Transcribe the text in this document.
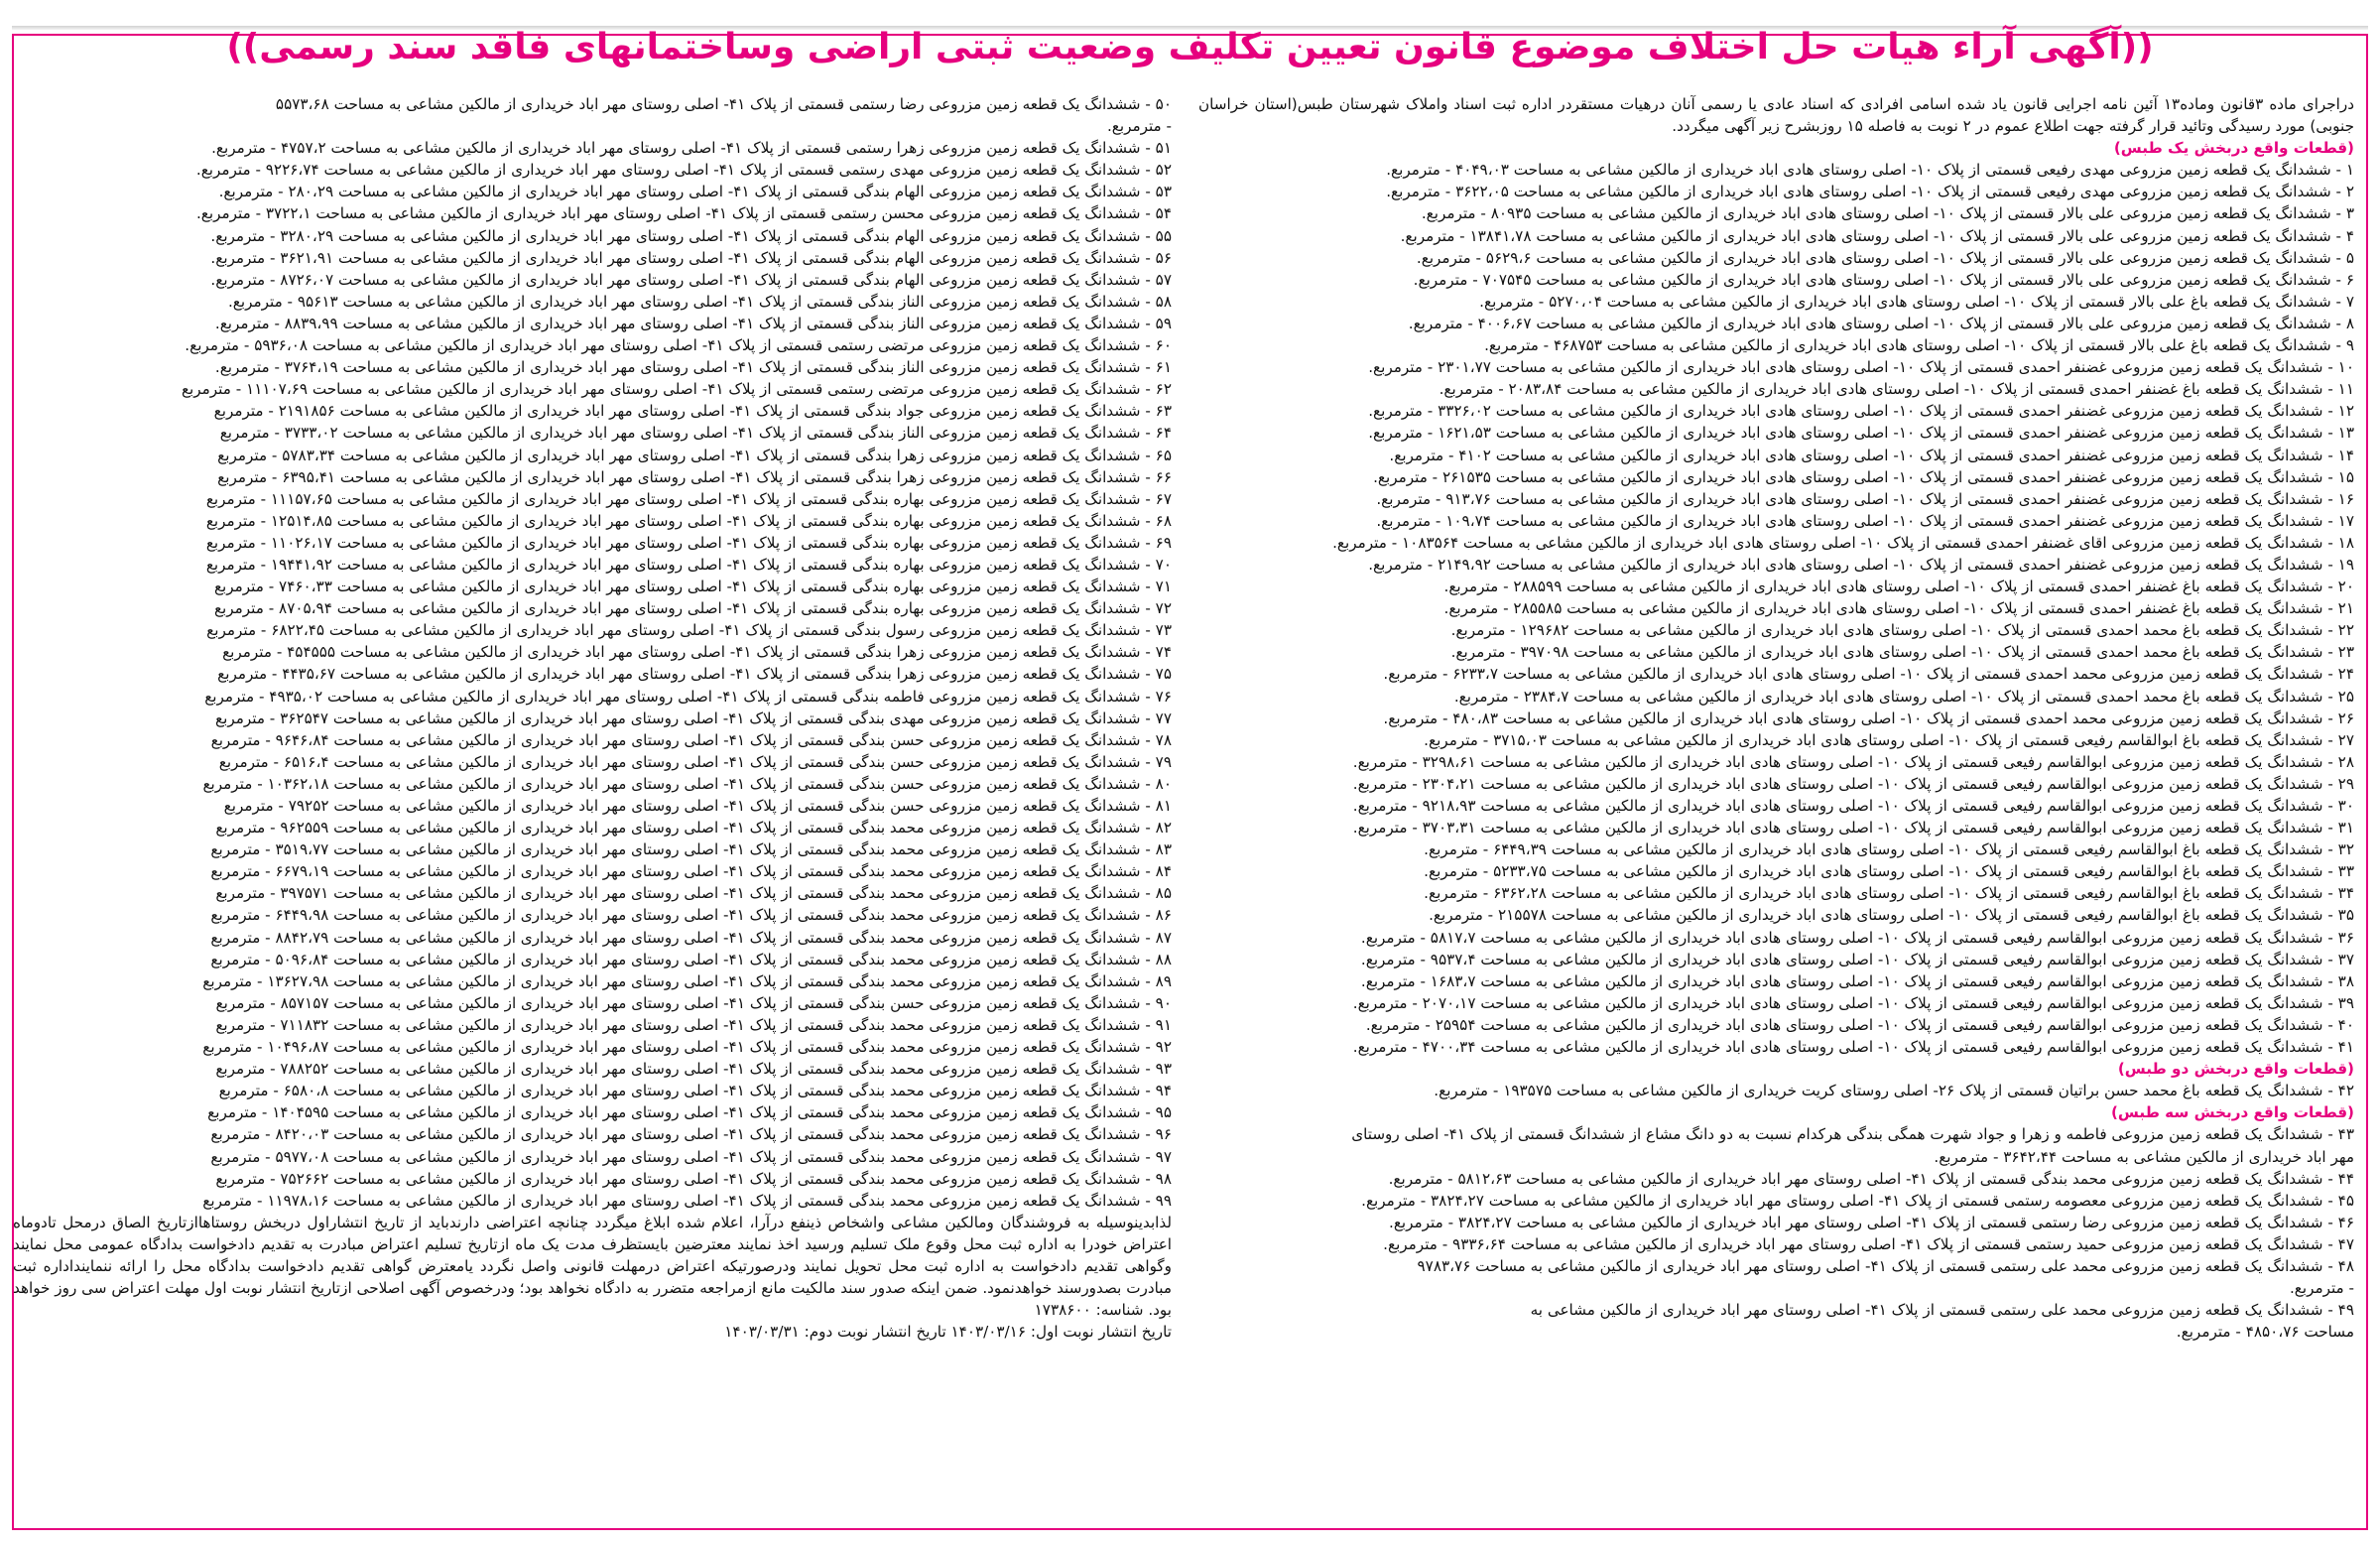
((آگهی آراء هیات حل اختلاف موضوع قانون تعیین تکلیف وضعیت ثبتی اراضی وساختمانهای فاقد سند رسمی))
دراجرای ماده ۳قانون وماده۱۳ آئین نامه اجرایی قانون یاد شده اسامی افرادی که اسناد عادی یا رسمی آنان درهیات مستقردر اداره ثبت اسناد واملاک شهرستان طبس(استان خراسان جنوبی) مورد رسیدگی وتائید قرار گرفته جهت اطلاع عموم در ۲ نوبت به فاصله ۱۵ روزبشرح زیر آگهی میگردد.
(قطعات واقع دربخش یک طبس)
۱ - ششدانگ یک قطعه زمین مزروعی مهدی رفیعی قسمتی از پلاک ۱۰- اصلی روستای هادی اباد خریداری از مالکین مشاعی به مساحت ۴۰۴۹،۰۳ - مترمربع.
۲ - ششدانگ یک قطعه زمین مزروعی مهدی رفیعی قسمتی از پلاک ۱۰- اصلی روستای هادی اباد خریداری از مالکین مشاعی به مساحت ۳۶۲۲،۰۵ - مترمربع.
۳ - ششدانگ یک قطعه زمین مزروعی علی بالار قسمتی از پلاک ۱۰- اصلی روستای هادی اباد خریداری از مالکین مشاعی به مساحت ۸۰۹۳۵ - مترمربع.
۴ - ششدانگ یک قطعه زمین مزروعی علی بالار قسمتی از پلاک ۱۰- اصلی روستای هادی اباد خریداری از مالکین مشاعی به مساحت ۱۳۸۴۱،۷۸ - مترمربع.
۵ - ششدانگ یک قطعه زمین مزروعی علی بالار قسمتی از پلاک ۱۰- اصلی روستای هادی اباد خریداری از مالکین مشاعی به مساحت ۵۶۲۹،۶ - مترمربع.
۶ - ششدانگ یک قطعه زمین مزروعی علی بالار قسمتی از پلاک ۱۰- اصلی روستای هادی اباد خریداری از مالکین مشاعی به مساحت ۷۰۷۵۴۵ - مترمربع.
۷ - ششدانگ یک قطعه باغ علی بالار قسمتی از پلاک ۱۰- اصلی روستای هادی اباد خریداری از مالکین مشاعی به مساحت ۵۲۷۰،۰۴ - مترمربع.
۸ - ششدانگ یک قطعه زمین مزروعی علی بالار قسمتی از پلاک ۱۰- اصلی روستای هادی اباد خریداری از مالکین مشاعی به مساحت ۴۰۰۶،۶۷ - مترمربع.
۹ - ششدانگ یک قطعه باغ علی بالار قسمتی از پلاک ۱۰- اصلی روستای هادی اباد خریداری از مالکین مشاعی به مساحت ۴۶۸۷۵۳ - مترمربع.
۱۰ - ششدانگ یک قطعه زمین مزروعی غضنفر احمدی قسمتی از پلاک ۱۰- اصلی روستای هادی اباد خریداری از مالکین مشاعی به مساحت ۲۳۰۱،۷۷ - مترمربع.
۱۱ - ششدانگ یک قطعه باغ غضنفر احمدی قسمتی از پلاک ۱۰- اصلی روستای هادی اباد خریداری از مالکین مشاعی به مساحت ۲۰۸۳،۸۴ - مترمربع.
۱۲ - ششدانگ یک قطعه زمین مزروعی غضنفر احمدی قسمتی از پلاک ۱۰- اصلی روستای هادی اباد خریداری از مالکین مشاعی به مساحت ۳۳۲۶،۰۲ - مترمربع.
۱۳ - ششدانگ یک قطعه زمین مزروعی غضنفر احمدی قسمتی از پلاک ۱۰- اصلی روستای هادی اباد خریداری از مالکین مشاعی به مساحت ۱۶۲۱،۵۳ - مترمربع.
۱۴ - ششدانگ یک قطعه زمین مزروعی غضنفر احمدی قسمتی از پلاک ۱۰- اصلی روستای هادی اباد خریداری از مالکین مشاعی به مساحت ۴۱۰۲ - مترمربع.
۱۵ - ششدانگ یک قطعه زمین مزروعی غضنفر احمدی قسمتی از پلاک ۱۰- اصلی روستای هادی اباد خریداری از مالکین مشاعی به مساحت ۲۶۱۵۳۵ - مترمربع.
۱۶ - ششدانگ یک قطعه زمین مزروعی غضنفر احمدی قسمتی از پلاک ۱۰- اصلی روستای هادی اباد خریداری از مالکین مشاعی به مساحت ۹۱۳،۷۶ - مترمربع.
۱۷ - ششدانگ یک قطعه زمین مزروعی غضنفر احمدی قسمتی از پلاک ۱۰- اصلی روستای هادی اباد خریداری از مالکین مشاعی به مساحت ۱۰۹،۷۴ - مترمربع.
۱۸ - ششدانگ یک قطعه زمین مزروعی اقای غضنفر احمدی قسمتی از پلاک ۱۰- اصلی روستای هادی اباد خریداری از مالکین مشاعی به مساحت ۱۰۸۳۵۶۴ - مترمربع.
۱۹ - ششدانگ یک قطعه زمین مزروعی غضنفر احمدی قسمتی از پلاک ۱۰- اصلی روستای هادی اباد خریداری از مالکین مشاعی به مساحت ۲۱۴۹،۹۲ - مترمربع.
۲۰ - ششدانگ یک قطعه باغ غضنفر احمدی قسمتی از پلاک ۱۰- اصلی روستای هادی اباد خریداری از مالکین مشاعی به مساحت ۲۸۸۵۹۹ - مترمربع.
۲۱ - ششدانگ یک قطعه باغ غضنفر احمدی قسمتی از پلاک ۱۰- اصلی روستای هادی اباد خریداری از مالکین مشاعی به مساحت ۲۸۵۵۸۵ - مترمربع.
۲۲ - ششدانگ یک قطعه باغ محمد احمدی قسمتی از پلاک ۱۰- اصلی روستای هادی اباد خریداری از مالکین مشاعی به مساحت ۱۲۹۶۸۲ - مترمربع.
۲۳ - ششدانگ یک قطعه باغ محمد احمدی قسمتی از پلاک ۱۰- اصلی روستای هادی اباد خریداری از مالکین مشاعی به مساحت ۳۹۷۰۹۸ - مترمربع.
۲۴ - ششدانگ یک قطعه زمین مزروعی محمد احمدی قسمتی از پلاک ۱۰- اصلی روستای هادی اباد خریداری از مالکین مشاعی به مساحت ۶۲۳۳،۷ - مترمربع.
۲۵ - ششدانگ یک قطعه باغ محمد احمدی قسمتی از پلاک ۱۰- اصلی روستای هادی اباد خریداری از مالکین مشاعی به مساحت ۲۳۸۴،۷ - مترمربع.
۲۶ - ششدانگ یک قطعه زمین مزروعی محمد احمدی قسمتی از پلاک ۱۰- اصلی روستای هادی اباد خریداری از مالکین مشاعی به مساحت ۴۸۰،۸۳ - مترمربع.
۲۷ - ششدانگ یک قطعه باغ ابوالقاسم رفیعی قسمتی از پلاک ۱۰- اصلی روستای هادی اباد خریداری از مالکین مشاعی به مساحت ۳۷۱۵،۰۳ - مترمربع.
۲۸ - ششدانگ یک قطعه زمین مزروعی ابوالقاسم رفیعی قسمتی از پلاک ۱۰- اصلی روستای هادی اباد خریداری از مالکین مشاعی به مساحت ۳۲۹۸،۶۱ - مترمربع.
۲۹ - ششدانگ یک قطعه زمین مزروعی ابوالقاسم رفیعی قسمتی از پلاک ۱۰- اصلی روستای هادی اباد خریداری از مالکین مشاعی به مساحت ۲۳۰۴،۲۱ - مترمربع.
۳۰ - ششدانگ یک قطعه زمین مزروعی ابوالقاسم رفیعی قسمتی از پلاک ۱۰- اصلی روستای هادی اباد خریداری از مالکین مشاعی به مساحت ۹۲۱۸،۹۳ - مترمربع.
۳۱ - ششدانگ یک قطعه زمین مزروعی ابوالقاسم رفیعی قسمتی از پلاک ۱۰- اصلی روستای هادی اباد خریداری از مالکین مشاعی به مساحت ۳۷۰۳،۳۱ - مترمربع.
۳۲ - ششدانگ یک قطعه باغ ابوالقاسم رفیعی قسمتی از پلاک ۱۰- اصلی روستای هادی اباد خریداری از مالکین مشاعی به مساحت ۶۴۴۹،۳۹ - مترمربع.
۳۳ - ششدانگ یک قطعه باغ ابوالقاسم رفیعی قسمتی از پلاک ۱۰- اصلی روستای هادی اباد خریداری از مالکین مشاعی به مساحت ۵۲۳۳،۷۵ - مترمربع.
۳۴ - ششدانگ یک قطعه باغ ابوالقاسم رفیعی قسمتی از پلاک ۱۰- اصلی روستای هادی اباد خریداری از مالکین مشاعی به مساحت ۶۳۶۲،۲۸ - مترمربع.
۳۵ - ششدانگ یک قطعه باغ ابوالقاسم رفیعی قسمتی از پلاک ۱۰- اصلی روستای هادی اباد خریداری از مالکین مشاعی به مساحت ۲۱۵۵۷۸ - مترمربع.
۳۶ - ششدانگ یک قطعه زمین مزروعی ابوالقاسم رفیعی قسمتی از پلاک ۱۰- اصلی روستای هادی اباد خریداری از مالکین مشاعی به مساحت ۵۸۱۷،۷ - مترمربع.
۳۷ - ششدانگ یک قطعه زمین مزروعی ابوالقاسم رفیعی قسمتی از پلاک ۱۰- اصلی روستای هادی اباد خریداری از مالکین مشاعی به مساحت ۹۵۳۷،۴ - مترمربع.
۳۸ - ششدانگ یک قطعه زمین مزروعی ابوالقاسم رفیعی قسمتی از پلاک ۱۰- اصلی روستای هادی اباد خریداری از مالکین مشاعی به مساحت ۱۶۸۳،۷ - مترمربع.
۳۹ - ششدانگ یک قطعه زمین مزروعی ابوالقاسم رفیعی قسمتی از پلاک ۱۰- اصلی روستای هادی اباد خریداری از مالکین مشاعی به مساحت ۲۰۷۰،۱۷ - مترمربع.
۴۰ - ششدانگ یک قطعه زمین مزروعی ابوالقاسم رفیعی قسمتی از پلاک ۱۰- اصلی روستای هادی اباد خریداری از مالکین مشاعی به مساحت ۲۵۹۵۴ - مترمربع.
۴۱ - ششدانگ یک قطعه زمین مزروعی ابوالقاسم رفیعی قسمتی از پلاک ۱۰- اصلی روستای هادی اباد خریداری از مالکین مشاعی به مساحت ۴۷۰۰،۳۴ - مترمربع.
(قطعات واقع دربخش دو طبس)
۴۲ - ششدانگ یک قطعه باغ محمد حسن براتیان قسمتی از پلاک ۲۶- اصلی روستای کریت خریداری از مالکین مشاعی به مساحت ۱۹۳۵۷۵ - مترمربع.
(قطعات واقع دربخش سه طبس)
۴۳ - ششدانگ یک قطعه زمین مزروعی فاطمه و زهرا و جواد شهرت همگی بندگی هرکدام نسبت به دو دانگ مشاع از ششدانگ قسمتی از پلاک ۴۱- اصلی روستای
مهر اباد خریداری از مالکین مشاعی به مساحت ۳۶۴۲،۴۴ - مترمربع.
۴۴ - ششدانگ یک قطعه زمین مزروعی محمد بندگی قسمتی از پلاک ۴۱- اصلی روستای مهر اباد خریداری از مالکین مشاعی به مساحت ۵۸۱۲،۶۳ - مترمربع.
۴۵ - ششدانگ یک قطعه زمین مزروعی معصومه رستمی قسمتی از پلاک ۴۱- اصلی روستای مهر اباد خریداری از مالکین مشاعی به مساحت ۳۸۲۴،۲۷ - مترمربع.
۴۶ - ششدانگ یک قطعه زمین مزروعی رضا رستمی قسمتی از پلاک ۴۱- اصلی روستای مهر اباد خریداری از مالکین مشاعی به مساحت ۳۸۲۴،۲۷ - مترمربع.
۴۷ - ششدانگ یک قطعه زمین مزروعی حمید رستمی قسمتی از پلاک ۴۱- اصلی روستای مهر اباد خریداری از مالکین مشاعی به مساحت ۹۳۳۶،۶۴ - مترمربع.
۴۸ - ششدانگ یک قطعه زمین مزروعی محمد علی رستمی قسمتی از پلاک ۴۱- اصلی روستای مهر اباد خریداری از مالکین مشاعی به مساحت ۹۷۸۳،۷۶
- مترمربع.
۴۹ - ششدانگ یک قطعه زمین مزروعی محمد علی رستمی قسمتی از پلاک ۴۱- اصلی روستای مهر اباد خریداری از مالکین مشاعی به
مساحت ۴۸۵۰،۷۶ - مترمربع.
۵۰ - ششدانگ یک قطعه زمین مزروعی رضا رستمی قسمتی از پلاک ۴۱- اصلی روستای مهر اباد خریداری از مالکین مشاعی به مساحت ۵۵۷۳،۶۸
- مترمربع.
۵۱ - ششدانگ یک قطعه زمین مزروعی زهرا رستمی قسمتی از پلاک ۴۱- اصلی روستای مهر اباد خریداری از مالکین مشاعی به مساحت ۴۷۵۷،۲ - مترمربع.
۵۲ - ششدانگ یک قطعه زمین مزروعی مهدی رستمی قسمتی از پلاک ۴۱- اصلی روستای مهر اباد خریداری از مالکین مشاعی به مساحت ۹۲۲۶،۷۴ - مترمربع.
۵۳ - ششدانگ یک قطعه زمین مزروعی الهام بندگی قسمتی از پلاک ۴۱- اصلی روستای مهر اباد خریداری از مالکین مشاعی به مساحت ۲۸۰،۲۹ - مترمربع.
۵۴ - ششدانگ یک قطعه زمین مزروعی محسن رستمی قسمتی از پلاک ۴۱- اصلی روستای مهر اباد خریداری از مالکین مشاعی به مساحت ۳۷۲۲،۱ - مترمربع.
۵۵ - ششدانگ یک قطعه زمین مزروعی الهام بندگی قسمتی از پلاک ۴۱- اصلی روستای مهر اباد خریداری از مالکین مشاعی به مساحت ۳۲۸۰،۲۹ - مترمربع.
۵۶ - ششدانگ یک قطعه زمین مزروعی الهام بندگی قسمتی از پلاک ۴۱- اصلی روستای مهر اباد خریداری از مالکین مشاعی به مساحت ۳۶۲۱،۹۱ - مترمربع.
۵۷ - ششدانگ یک قطعه زمین مزروعی الهام بندگی قسمتی از پلاک ۴۱- اصلی روستای مهر اباد خریداری از مالکین مشاعی به مساحت ۸۷۲۶،۰۷ - مترمربع.
۵۸ - ششدانگ یک قطعه زمین مزروعی الناز بندگی قسمتی از پلاک ۴۱- اصلی روستای مهر اباد خریداری از مالکین مشاعی به مساحت ۹۵۶۱۳ - مترمربع.
۵۹ - ششدانگ یک قطعه زمین مزروعی الناز بندگی قسمتی از پلاک ۴۱- اصلی روستای مهر اباد خریداری از مالکین مشاعی به مساحت ۸۸۳۹،۹۹ - مترمربع.
۶۰ - ششدانگ یک قطعه زمین مزروعی مرتضی رستمی قسمتی از پلاک ۴۱- اصلی روستای مهر اباد خریداری از مالکین مشاعی به مساحت ۵۹۳۶،۰۸ - مترمربع.
۶۱ - ششدانگ یک قطعه زمین مزروعی الناز بندگی قسمتی از پلاک ۴۱- اصلی روستای مهر اباد خریداری از مالکین مشاعی به مساحت ۳۷۶۴،۱۹ - مترمربع.
۶۲ - ششدانگ یک قطعه زمین مزروعی مرتضی رستمی قسمتی از پلاک ۴۱- اصلی روستای مهر اباد خریداری از مالکین مشاعی به مساحت ۱۱۱۰۷،۶۹ - مترمربع
۶۳ - ششدانگ یک قطعه زمین مزروعی جواد بندگی قسمتی از پلاک ۴۱- اصلی روستای مهر اباد خریداری از مالکین مشاعی به مساحت ۲۱۹۱۸۵۶ - مترمربع
۶۴ - ششدانگ یک قطعه زمین مزروعی الناز بندگی قسمتی از پلاک ۴۱- اصلی روستای مهر اباد خریداری از مالکین مشاعی به مساحت ۳۷۳۳،۰۲ - مترمربع
۶۵ - ششدانگ یک قطعه زمین مزروعی زهرا بندگی قسمتی از پلاک ۴۱- اصلی روستای مهر اباد خریداری از مالکین مشاعی به مساحت ۵۷۸۳،۳۴ - مترمربع
۶۶ - ششدانگ یک قطعه زمین مزروعی زهرا بندگی قسمتی از پلاک ۴۱- اصلی روستای مهر اباد خریداری از مالکین مشاعی به مساحت ۶۳۹۵،۴۱ - مترمربع
۶۷ - ششدانگ یک قطعه زمین مزروعی بهاره بندگی قسمتی از پلاک ۴۱- اصلی روستای مهر اباد خریداری از مالکین مشاعی به مساحت ۱۱۱۵۷،۶۵ - مترمربع
۶۸ - ششدانگ یک قطعه زمین مزروعی بهاره بندگی قسمتی از پلاک ۴۱- اصلی روستای مهر اباد خریداری از مالکین مشاعی به مساحت ۱۲۵۱۴،۸۵ - مترمربع
۶۹ - ششدانگ یک قطعه زمین مزروعی بهاره بندگی قسمتی از پلاک ۴۱- اصلی روستای مهر اباد خریداری از مالکین مشاعی به مساحت ۱۱۰۲۶،۱۷ - مترمربع
۷۰ - ششدانگ یک قطعه زمین مزروعی بهاره بندگی قسمتی از پلاک ۴۱- اصلی روستای مهر اباد خریداری از مالکین مشاعی به مساحت ۱۹۴۴۱،۹۲ - مترمربع
۷۱ - ششدانگ یک قطعه زمین مزروعی بهاره بندگی قسمتی از پلاک ۴۱- اصلی روستای مهر اباد خریداری از مالکین مشاعی به مساحت ۷۴۶۰،۳۳ - مترمربع
۷۲ - ششدانگ یک قطعه زمین مزروعی بهاره بندگی قسمتی از پلاک ۴۱- اصلی روستای مهر اباد خریداری از مالکین مشاعی به مساحت ۸۷۰۵،۹۴ - مترمربع
۷۳ - ششدانگ یک قطعه زمین مزروعی رسول بندگی قسمتی از پلاک ۴۱- اصلی روستای مهر اباد خریداری از مالکین مشاعی به مساحت ۶۸۲۲،۴۵ - مترمربع
۷۴ - ششدانگ یک قطعه زمین مزروعی زهرا بندگی قسمتی از پلاک ۴۱- اصلی روستای مهر اباد خریداری از مالکین مشاعی به مساحت ۴۵۴۵۵۵ - مترمربع
۷۵ - ششدانگ یک قطعه زمین مزروعی زهرا بندگی قسمتی از پلاک ۴۱- اصلی روستای مهر اباد خریداری از مالکین مشاعی به مساحت ۴۴۳۵،۶۷ - مترمربع
۷۶ - ششدانگ یک قطعه زمین مزروعی فاطمه بندگی قسمتی از پلاک ۴۱- اصلی روستای مهر اباد خریداری از مالکین مشاعی به مساحت ۴۹۳۵،۰۲ - مترمربع
۷۷ - ششدانگ یک قطعه زمین مزروعی مهدی بندگی قسمتی از پلاک ۴۱- اصلی روستای مهر اباد خریداری از مالکین مشاعی به مساحت ۳۶۲۵۴۷ - مترمربع
۷۸ - ششدانگ یک قطعه زمین مزروعی حسن بندگی قسمتی از پلاک ۴۱- اصلی روستای مهر اباد خریداری از مالکین مشاعی به مساحت ۹۶۴۶،۸۴ - مترمربع
۷۹ - ششدانگ یک قطعه زمین مزروعی حسن بندگی قسمتی از پلاک ۴۱- اصلی روستای مهر اباد خریداری از مالکین مشاعی به مساحت ۶۵۱۶،۴ - مترمربع
۸۰ - ششدانگ یک قطعه زمین مزروعی حسن بندگی قسمتی از پلاک ۴۱- اصلی روستای مهر اباد خریداری از مالکین مشاعی به مساحت ۱۰۳۶۲،۱۸ - مترمربع
۸۱ - ششدانگ یک قطعه زمین مزروعی حسن بندگی قسمتی از پلاک ۴۱- اصلی روستای مهر اباد خریداری از مالکین مشاعی به مساحت ۷۹۲۵۲ - مترمربع
۸۲ - ششدانگ یک قطعه زمین مزروعی محمد بندگی قسمتی از پلاک ۴۱- اصلی روستای مهر اباد خریداری از مالکین مشاعی به مساحت ۹۶۲۵۵۹ - مترمربع
۸۳ - ششدانگ یک قطعه زمین مزروعی محمد بندگی قسمتی از پلاک ۴۱- اصلی روستای مهر اباد خریداری از مالکین مشاعی به مساحت ۳۵۱۹،۷۷ - مترمربع
۸۴ - ششدانگ یک قطعه زمین مزروعی محمد بندگی قسمتی از پلاک ۴۱- اصلی روستای مهر اباد خریداری از مالکین مشاعی به مساحت ۶۶۷۹،۱۹ - مترمربع
۸۵ - ششدانگ یک قطعه زمین مزروعی محمد بندگی قسمتی از پلاک ۴۱- اصلی روستای مهر اباد خریداری از مالکین مشاعی به مساحت ۳۹۷۵۷۱ - مترمربع
۸۶ - ششدانگ یک قطعه زمین مزروعی محمد بندگی قسمتی از پلاک ۴۱- اصلی روستای مهر اباد خریداری از مالکین مشاعی به مساحت ۶۴۴۹،۹۸ - مترمربع
۸۷ - ششدانگ یک قطعه زمین مزروعی محمد بندگی قسمتی از پلاک ۴۱- اصلی روستای مهر اباد خریداری از مالکین مشاعی به مساحت ۸۸۴۲،۷۹ - مترمربع
۸۸ - ششدانگ یک قطعه زمین مزروعی محمد بندگی قسمتی از پلاک ۴۱- اصلی روستای مهر اباد خریداری از مالکین مشاعی به مساحت ۵۰۹۶،۸۴ - مترمربع
۸۹ - ششدانگ یک قطعه زمین مزروعی محمد بندگی قسمتی از پلاک ۴۱- اصلی روستای مهر اباد خریداری از مالکین مشاعی به مساحت ۱۳۶۲۷،۹۸ - مترمربع
۹۰ - ششدانگ یک قطعه زمین مزروعی حسن بندگی قسمتی از پلاک ۴۱- اصلی روستای مهر اباد خریداری از مالکین مشاعی به مساحت ۸۵۷۱۵۷ - مترمربع
۹۱ - ششدانگ یک قطعه زمین مزروعی محمد بندگی قسمتی از پلاک ۴۱- اصلی روستای مهر اباد خریداری از مالکین مشاعی به مساحت ۷۱۱۸۳۲ - مترمربع
۹۲ - ششدانگ یک قطعه زمین مزروعی محمد بندگی قسمتی از پلاک ۴۱- اصلی روستای مهر اباد خریداری از مالکین مشاعی به مساحت ۱۰۴۹۶،۸۷ - مترمربع
۹۳ - ششدانگ یک قطعه زمین مزروعی محمد بندگی قسمتی از پلاک ۴۱- اصلی روستای مهر اباد خریداری از مالکین مشاعی به مساحت ۷۸۸۲۵۲ - مترمربع
۹۴ - ششدانگ یک قطعه زمین مزروعی محمد بندگی قسمتی از پلاک ۴۱- اصلی روستای مهر اباد خریداری از مالکین مشاعی به مساحت ۶۵۸۰،۸ - مترمربع
۹۵ - ششدانگ یک قطعه زمین مزروعی محمد بندگی قسمتی از پلاک ۴۱- اصلی روستای مهر اباد خریداری از مالکین مشاعی به مساحت ۱۴۰۴۵۹۵ - مترمربع
۹۶ - ششدانگ یک قطعه زمین مزروعی محمد بندگی قسمتی از پلاک ۴۱- اصلی روستای مهر اباد خریداری از مالکین مشاعی به مساحت ۸۴۲۰،۰۳ - مترمربع
۹۷ - ششدانگ یک قطعه زمین مزروعی محمد بندگی قسمتی از پلاک ۴۱- اصلی روستای مهر اباد خریداری از مالکین مشاعی به مساحت ۵۹۷۷،۰۸ - مترمربع
۹۸ - ششدانگ یک قطعه زمین مزروعی محمد بندگی قسمتی از پلاک ۴۱- اصلی روستای مهر اباد خریداری از مالکین مشاعی به مساحت ۷۵۲۶۶۲ - مترمربع
۹۹ - ششدانگ یک قطعه زمین مزروعی محمد بندگی قسمتی از پلاک ۴۱- اصلی روستای مهر اباد خریداری از مالکین مشاعی به مساحت ۱۱۹۷۸،۱۶ - مترمربع
لذابدینوسیله به فروشندگان ومالکین مشاعی واشخاص ذینفع درآرا، اعلام شده ابلاغ میگردد چنانچه اعتراضی دارندباید از تاریخ انتشاراول دربخش روستاهاازتاریخ الصاق درمحل تادوماه اعتراض خودرا به اداره ثبت محل وقوع ملک تسلیم ورسید اخذ نمایند معترضین بایستظرف مدت یک ماه ازتاریخ تسلیم اعتراض مبادرت به تقدیم دادخواست بدادگاه عمومی محل نمایند وگواهی تقدیم دادخواست به اداره ثبت محل تحویل نمایند ودرصورتیکه اعتراض درمهلت قانونی واصل نگردد یامعترض گواهی تقدیم دادخواست بدادگاه محل را ارائه ننماینداداره ثبت مبادرت بصدورسند خواهدنمود. ضمن اینکه صدور سند مالکیت مانع ازمراجعه متضرر به دادگاه نخواهد بود؛ ودرخصوص آگهی اصلاحی ازتاریخ انتشار نوبت اول مهلت اعتراض سی روز خواهد بود. شناسه: ۱۷۳۸۶۰۰
تاریخ انتشار نوبت اول: ۱۴۰۳/۰۳/۱۶ تاریخ انتشار نوبت دوم: ۱۴۰۳/۰۳/۳۱
